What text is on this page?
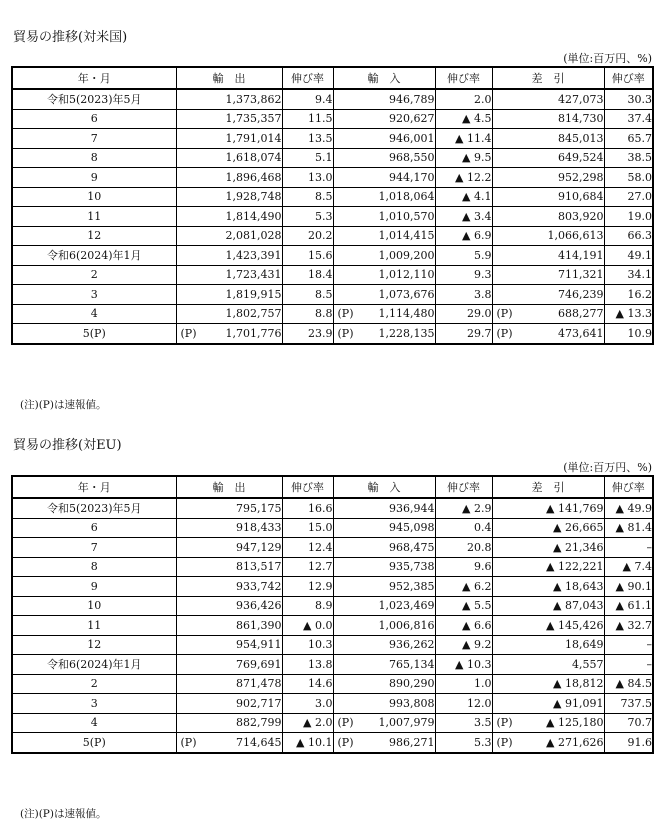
貿易の推移(対米国)
(単位:百万円、%)
年・月	輸　出	伸び率	輸　入	伸び率	差　引	伸び率
令和5(2023)年5月	1,373,862	9.4	946,789	2.0	427,073	30.3
6	1,735,357	11.5	920,627	▲ 4.5	814,730	37.4
7	1,791,014	13.5	946,001	▲ 11.4	845,013	65.7
8	1,618,074	5.1	968,550	▲ 9.5	649,524	38.5
9	1,896,468	13.0	944,170	▲ 12.2	952,298	58.0
10	1,928,748	8.5	1,018,064	▲ 4.1	910,684	27.0
11	1,814,490	5.3	1,010,570	▲ 3.4	803,920	19.0
12	2,081,028	20.2	1,014,415	▲ 6.9	1,066,613	66.3
令和6(2024)年1月	1,423,391	15.6	1,009,200	5.9	414,191	49.1
2	1,723,431	18.4	1,012,110	9.3	711,321	34.1
3	1,819,915	8.5	1,073,676	3.8	746,239	16.2
4	1,802,757	8.8	(P) 1,114,480	29.0	(P) 688,277	▲ 13.3
5(P)	(P) 1,701,776	23.9	(P) 1,228,135	29.7	(P) 473,641	10.9
(注)(P)は速報値。
貿易の推移(対EU)
(単位:百万円、%)
年・月	輸　出	伸び率	輸　入	伸び率	差　引	伸び率
令和5(2023)年5月	795,175	16.6	936,944	▲ 2.9	▲ 141,769	▲ 49.9
6	918,433	15.0	945,098	0.4	▲ 26,665	▲ 81.4
7	947,129	12.4	968,475	20.8	▲ 21,346	–
8	813,517	12.7	935,738	9.6	▲ 122,221	▲ 7.4
9	933,742	12.9	952,385	▲ 6.2	▲ 18,643	▲ 90.1
10	936,426	8.9	1,023,469	▲ 5.5	▲ 87,043	▲ 61.1
11	861,390	▲ 0.0	1,006,816	▲ 6.6	▲ 145,426	▲ 32.7
12	954,911	10.3	936,262	▲ 9.2	18,649	–
令和6(2024)年1月	769,691	13.8	765,134	▲ 10.3	4,557	–
2	871,478	14.6	890,290	1.0	▲ 18,812	▲ 84.5
3	902,717	3.0	993,808	12.0	▲ 91,091	737.5
4	882,799	▲ 2.0	(P) 1,007,979	3.5	(P) ▲ 125,180	70.7
5(P)	(P) 714,645	▲ 10.1	(P) 986,271	5.3	(P) ▲ 271,626	91.6
(注)(P)は速報値。
